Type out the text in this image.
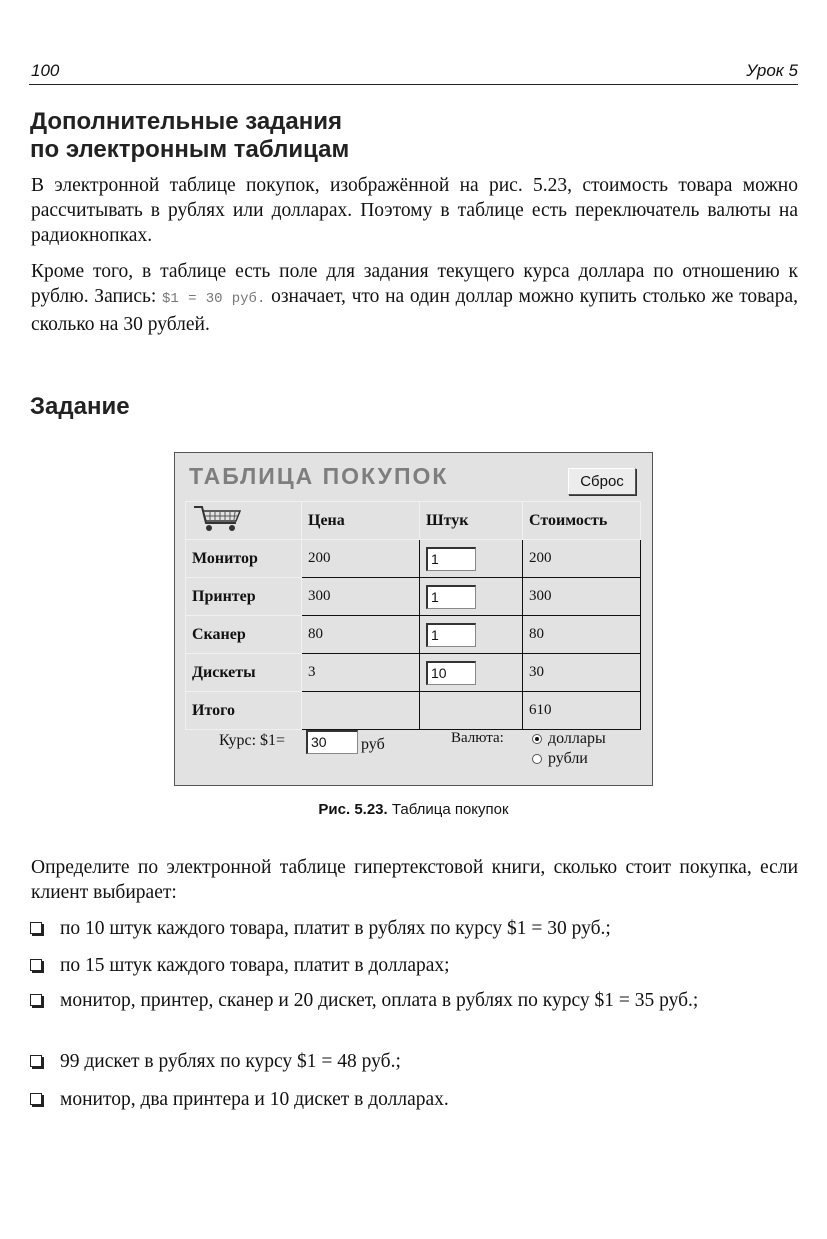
100	Урок 5
Дополнительные задания
по электронным таблицам

В электронной таблице покупок, изображённой на рис. 5.23, стоимость товара можно рассчитывать в рублях или долларах. Поэтому в таблице есть переключатель валюты на радиокнопках.

Кроме того, в таблице есть поле для задания текущего курса доллара по отношению к рублю. Запись: $1 = 30 руб. означает, что на один доллар можно купить столько же товара, сколько на 30 рублей.

Задание
ТАБЛИЦА ПОКУПОК	Сброс
	Цена	Штук	Стоимость
Монитор	200	1	200
Принтер	300	1	300
Сканер	80	1	80
Дискеты	3	10	30
Итого			610
Курс: $1=	30	руб	Валюта:	доллары
рубли
Рис. 5.23. Таблица покупок

Определите по электронной таблице гипертекстовой книги, сколько стоит покупка, если клиент выбирает:

по 10 штук каждого товара, платит в рублях по курсу $1 = 30 руб.;

по 15 штук каждого товара, платит в долларах;

монитор, принтер, сканер и 20 дискет, оплата в рублях по курсу $1 = 35 руб.;

99 дискет в рублях по курсу $1 = 48 руб.;

монитор, два принтера и 10 дискет в долларах.
